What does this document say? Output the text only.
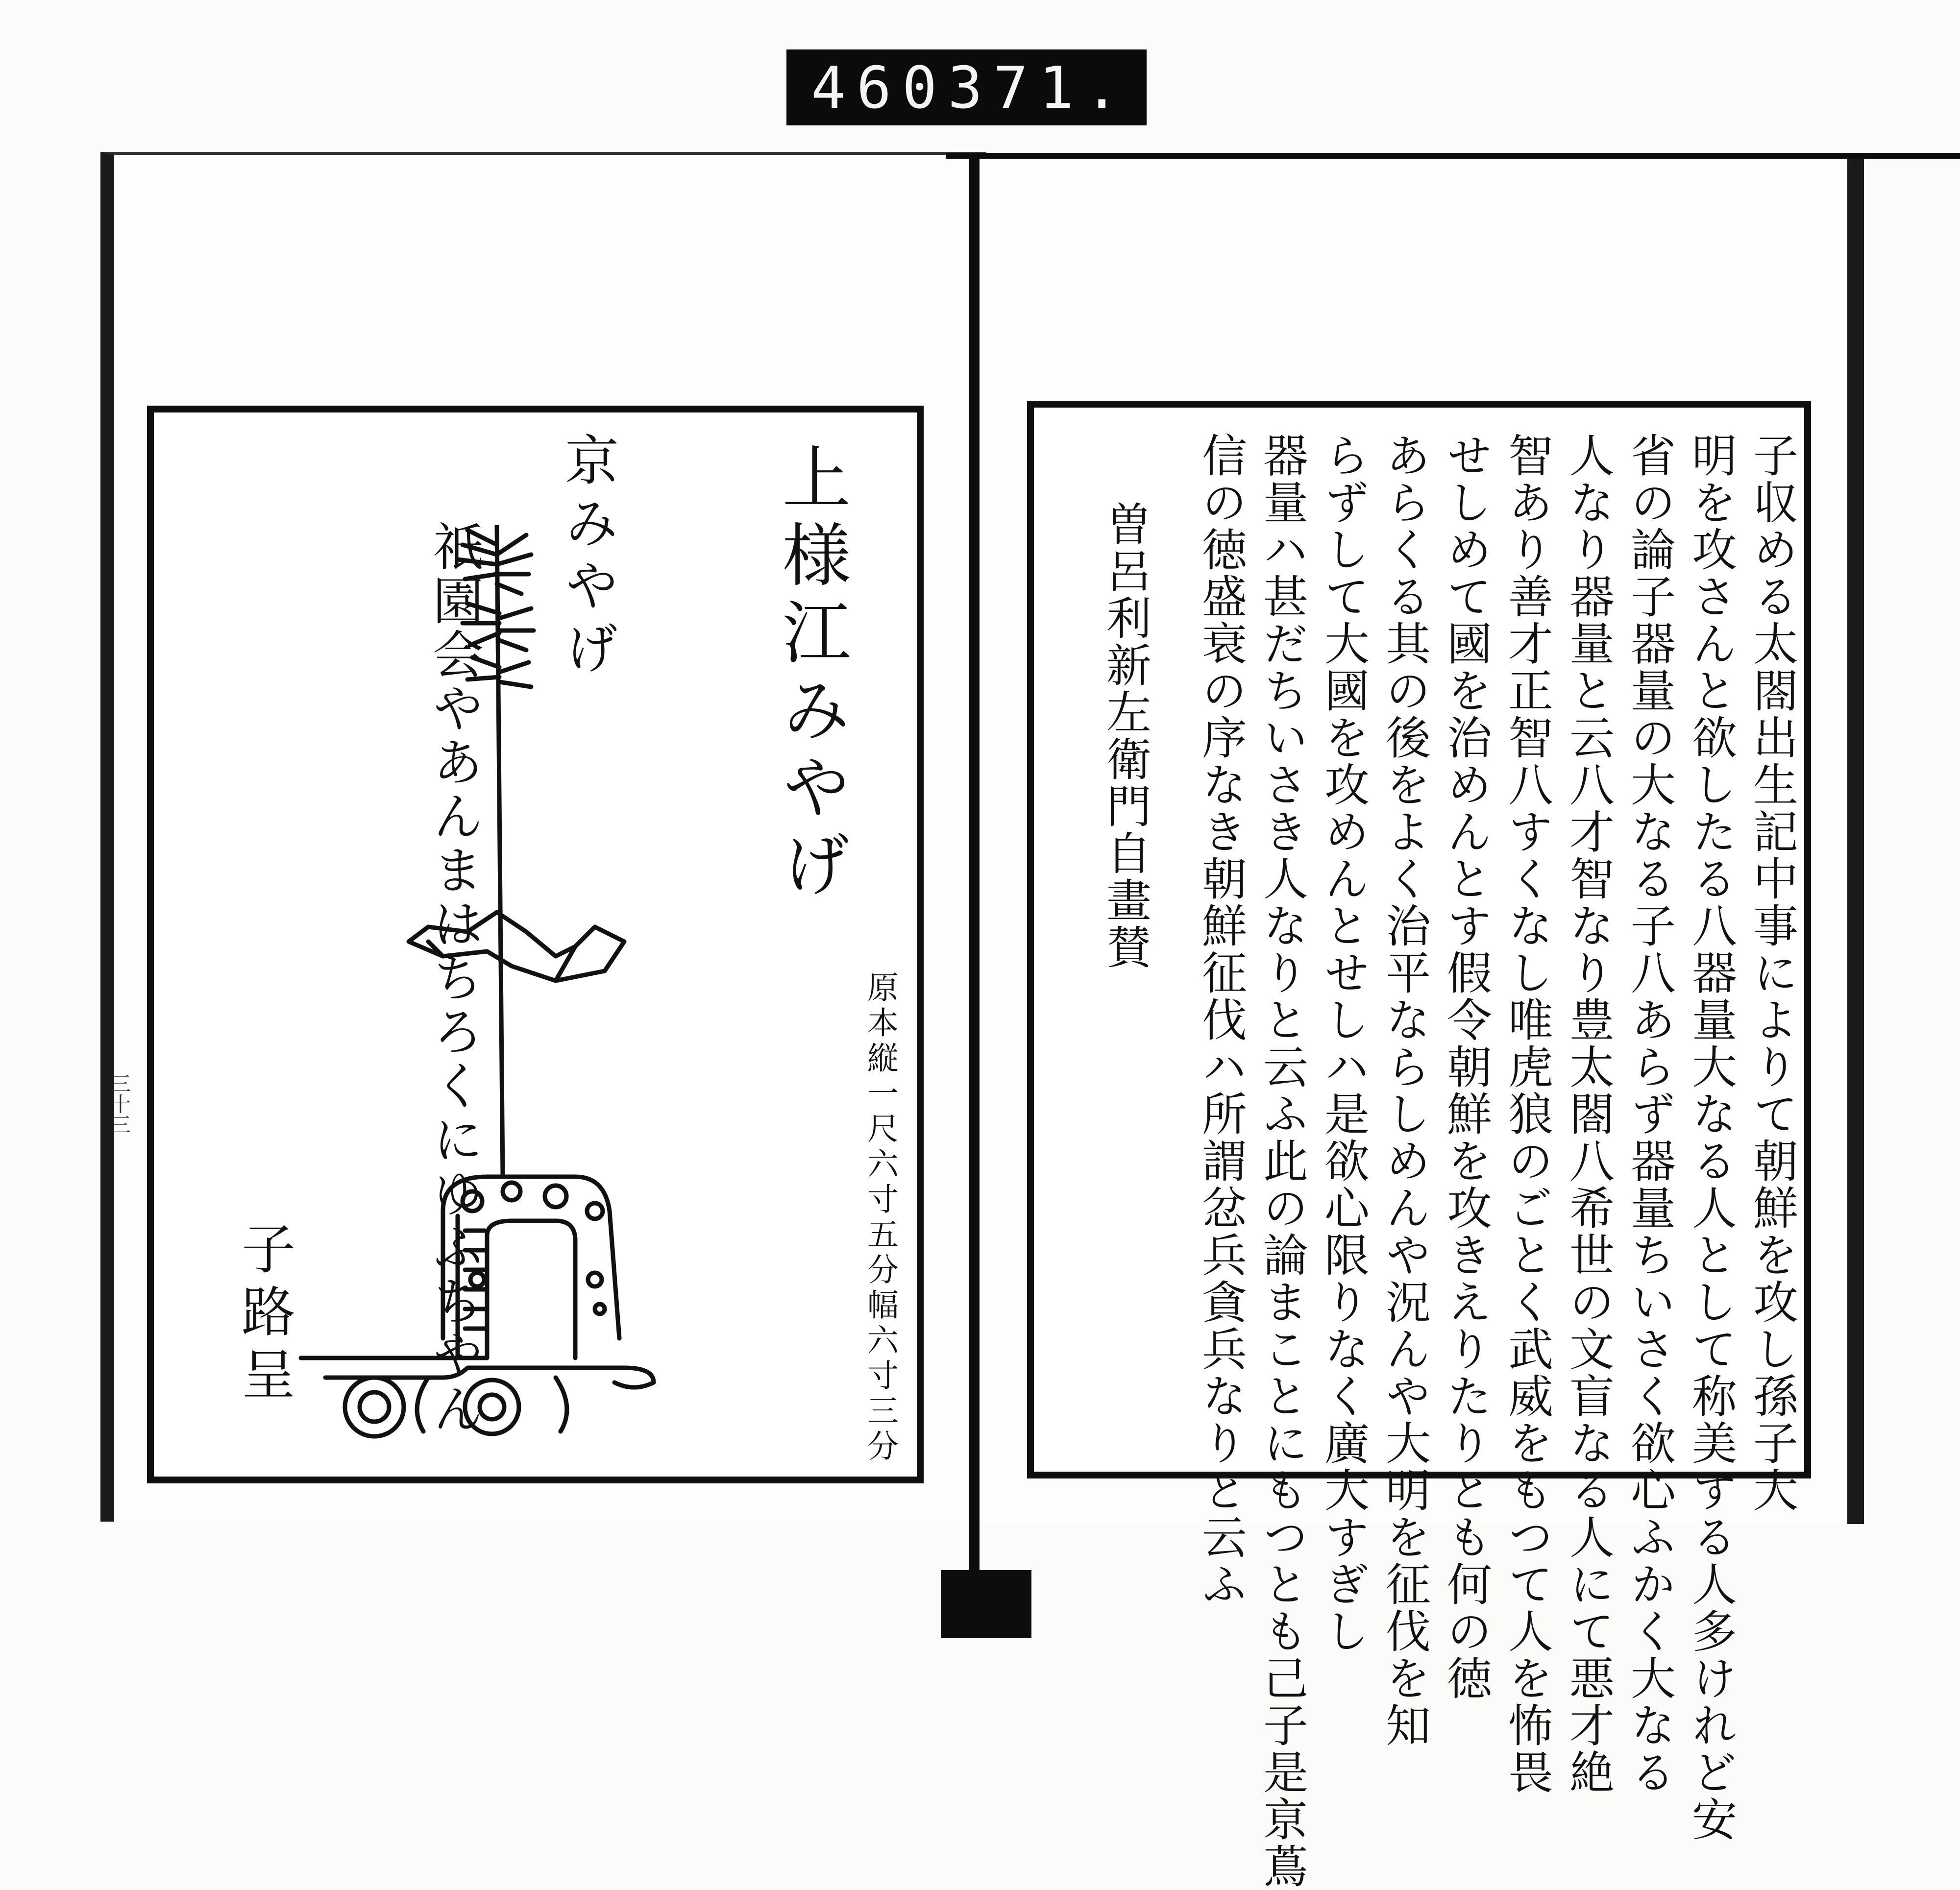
460 371.
三十三
上様江みやげ
京みやげ
祇園会やあんまはちろくにゆふちやん
子路呈	原本縦一尺六寸五分幅六寸三分	子収める太閤出生記中事によりて朝鮮を攻し孫子大
明を攻さんと欲したる八器量大なる人として称美する人多けれど安
省の論子器量の大なる子八あらず器量ちいさく欲心ふかく大なる
人なり器量と云八才智なり豊太閤八希世の文盲なる人にて悪才絶
智あり善才正智八すくなし唯虎狼のごとく武威をもつて人を怖畏
せしめて國を治めんとす假令朝鮮を攻きえりたりとも何の徳
あらくる其の後をよく治平ならしめんや況んや大明を征伐を知
らずして大國を攻めんとせしハ是欲心限りなく廣大すぎし
器量ハ甚だちいさき人なりと云ふ此の論まことにもつとも己子是亰蔦
信の徳盛衰の序なき朝鮮征伐ハ所謂忿兵貪兵なりと云ふ
曽呂利新左衛門自畫賛
